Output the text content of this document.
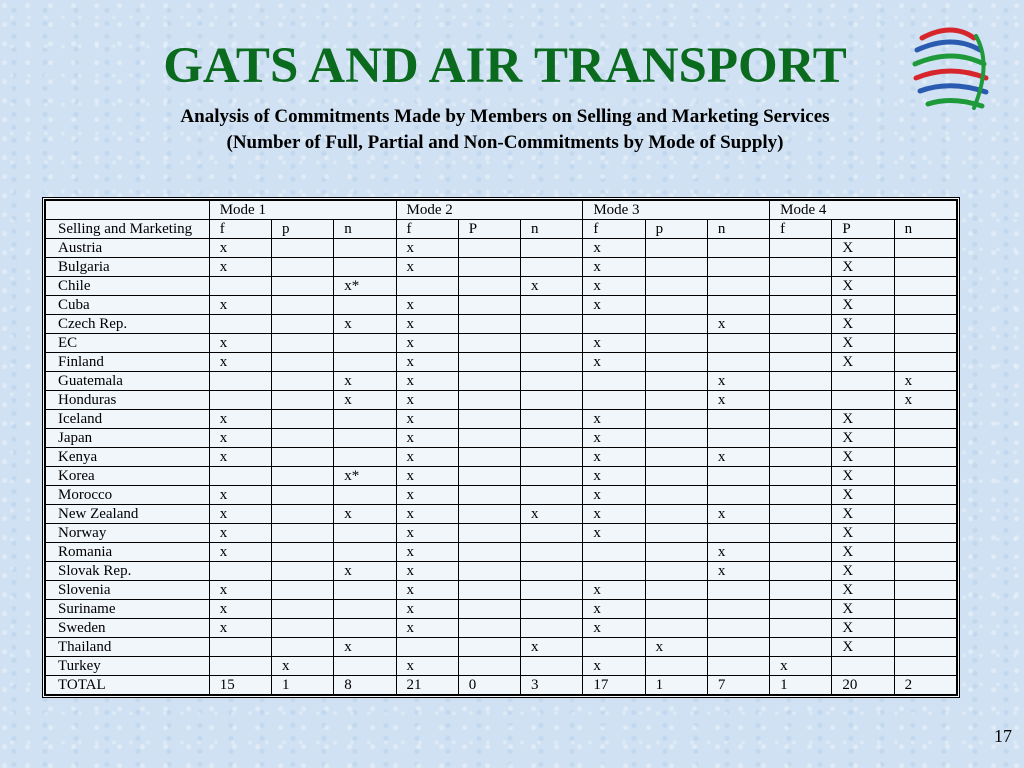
GATS AND AIR TRANSPORT
Analysis of Commitments Made by Members on Selling and Marketing Services
(Number of Full, Partial and Non-Commitments by Mode of Supply)
	Mode 1			Mode 2			Mode 3			Mode 4		
Selling and Marketing	f	p	n	f	P	n	f	p	n	f	P	n
Austria	x			x			x				X	
Bulgaria	x			x			x				X	
Chile			x*			x	x				X	
Cuba	x			x			x				X	
Czech Rep.			x	x					x		X	
EC	x			x			x				X	
Finland	x			x			x				X	
Guatemala			x	x					x			x
Honduras			x	x					x			x
Iceland	x			x			x				X	
Japan	x			x			x				X	
Kenya	x			x			x		x		X	
Korea			x*	x			x				X	
Morocco	x			x			x				X	
New Zealand	x		x	x		x	x		x		X	
Norway	x			x			x				X	
Romania	x			x					x		X	
Slovak Rep.			x	x					x		X	
Slovenia	x			x			x				X	
Suriname	x			x			x				X	
Sweden	x			x			x				X	
Thailand			x			x		x			X	
Turkey		x		x			x			x		
TOTAL	15	1	8	21	0	3	17	1	7	1	20	2
17
